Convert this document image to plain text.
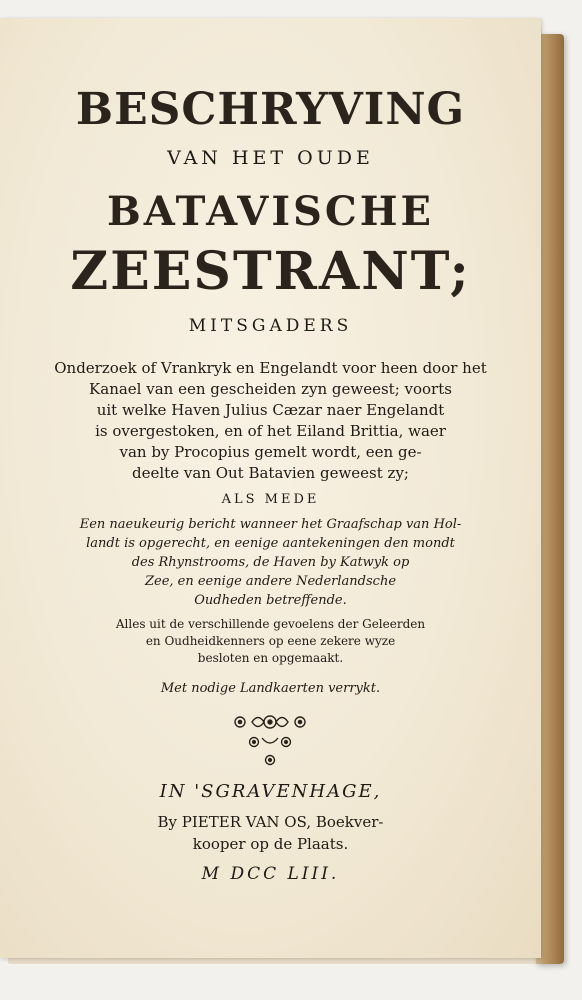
BESCHRYVING

VAN HET OUDE

BATAVISCHE

ZEESTRANT;

MITSGADERS

Onderzoek of Vrankryk en Engelandt voor heen door het

Kanael van een gescheiden zyn geweest; voorts

uit welke Haven Julius Cæzar naer Engelandt

is overgestoken, en of het Eiland Brittia, waer

van by Procopius gemelt wordt, een ge-

deelte van Out Batavien geweest zy;

ALS MEDE

Een naeukeurig bericht wanneer het Graafschap van Hol-

landt is opgerecht, en eenige aantekeningen den mondt

des Rhynstrooms, de Haven by Katwyk op

Zee, en eenige andere Nederlandsche

Oudheden betreffende.

Alles uit de verschillende gevoelens der Geleerden

en Oudheidkenners op eene zekere wyze

besloten en opgemaakt.

Met nodige Landkaerten verrykt.

IN 'SGRAVENHAGE,

By PIETER VAN OS, Boekver-

kooper op de Plaats.

M DCC LIII.
